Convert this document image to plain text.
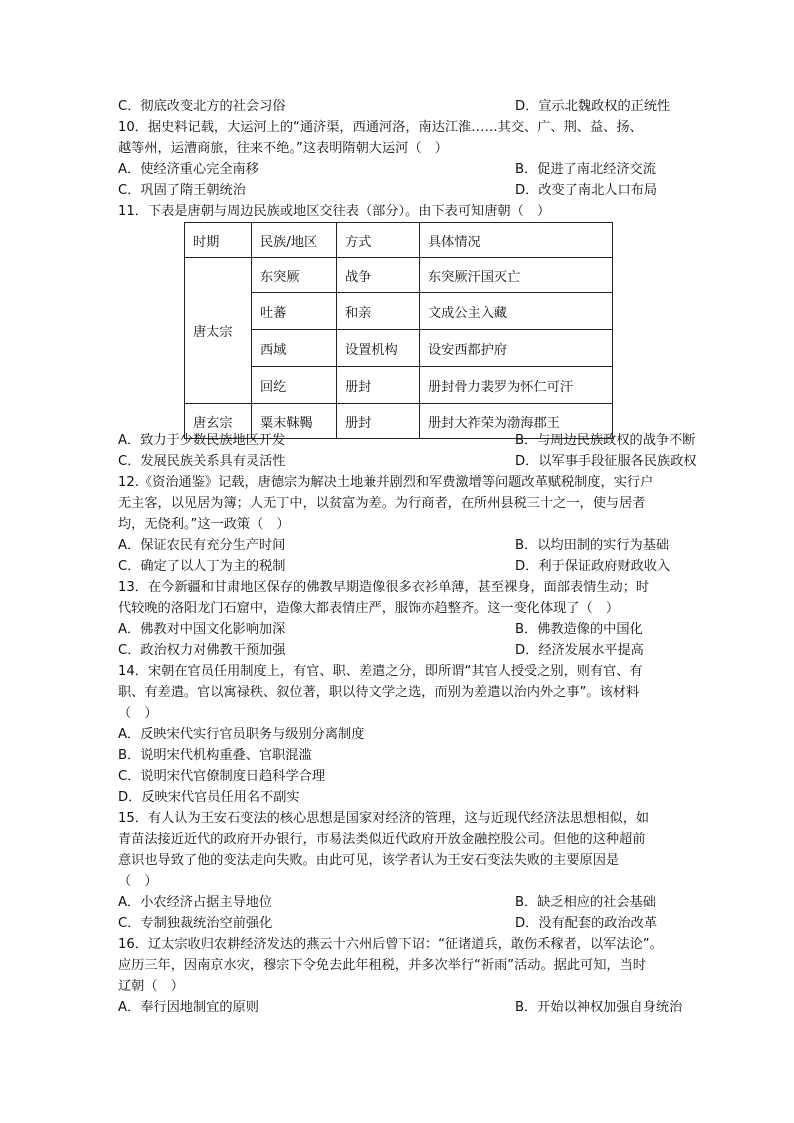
C．彻底改变北方的社会习俗	D．宣示北魏政权的正统性
10．据史料记载，大运河上的“通济渠，西通河洛，南达江淮……其交、广、荆、益、扬、
越等州，运漕商旅，往来不绝。”这表明隋朝大运河（　）
A．使经济重心完全南移	B．促进了南北经济交流
C．巩固了隋王朝统治	D．改变了南北人口布局
11．下表是唐朝与周边民族或地区交往表（部分）。由下表可知唐朝（　）
时期	民族/地区	方式	具体情况
唐太宗	东突厥	战争	东突厥汗国灭亡
	吐蕃	和亲	文成公主入藏
	西域	设置机构	设安西都护府
	回纥	册封	册封骨力裴罗为怀仁可汗
唐玄宗	粟末靺鞨	册封	册封大祚荣为渤海郡王
A．致力于少数民族地区开发	B．与周边民族政权的战争不断
C．发展民族关系具有灵活性	D．以军事手段征服各民族政权
12.《资治通鉴》记载，唐德宗为解决土地兼并剧烈和军费激增等问题改革赋税制度，实行户
无主客，以见居为簿；人无丁中，以贫富为差。为行商者，在所州县税三十之一，使与居者
均，无侥利。”这一政策（　）
A．保证农民有充分生产时间	B．以均田制的实行为基础
C．确定了以人丁为主的税制	D．利于保证政府财政收入
13．在今新疆和甘肃地区保存的佛教早期造像很多衣衫单薄，甚至裸身，面部表情生动；时
代较晚的洛阳龙门石窟中，造像大都表情庄严，服饰亦趋整齐。这一变化体现了（　）
A．佛教对中国文化影响加深	B．佛教造像的中国化
C．政治权力对佛教干预加强	D．经济发展水平提高
14．宋朝在官员任用制度上，有官、职、差遣之分，即所谓“其官人授受之别，则有官、有
职、有差遣。官以寓禄秩、叙位著，职以待文学之选，而别为差遣以治内外之事”。该材料
（　）
A．反映宋代实行官员职务与级别分离制度
B．说明宋代机构重叠、官职混滥
C．说明宋代官僚制度日趋科学合理
D．反映宋代官员任用名不副实
15．有人认为王安石变法的核心思想是国家对经济的管理，这与近现代经济法思想相似，如
青苗法接近近代的政府开办银行，市易法类似近代政府开放金融控股公司。但他的这种超前
意识也导致了他的变法走向失败。由此可见，该学者认为王安石变法失败的主要原因是
（　）
A．小农经济占据主导地位	B．缺乏相应的社会基础
C．专制独裁统治空前强化	D．没有配套的政治改革
16．辽太宗收归农耕经济发达的燕云十六州后曾下诏：“征诸道兵，敢伤禾稼者，以军法论”。
应历三年，因南京水灾，穆宗下令免去此年租税，并多次举行“祈雨”活动。据此可知，当时
辽朝（　）
A．奉行因地制宜的原则	B．开始以神权加强自身统治
